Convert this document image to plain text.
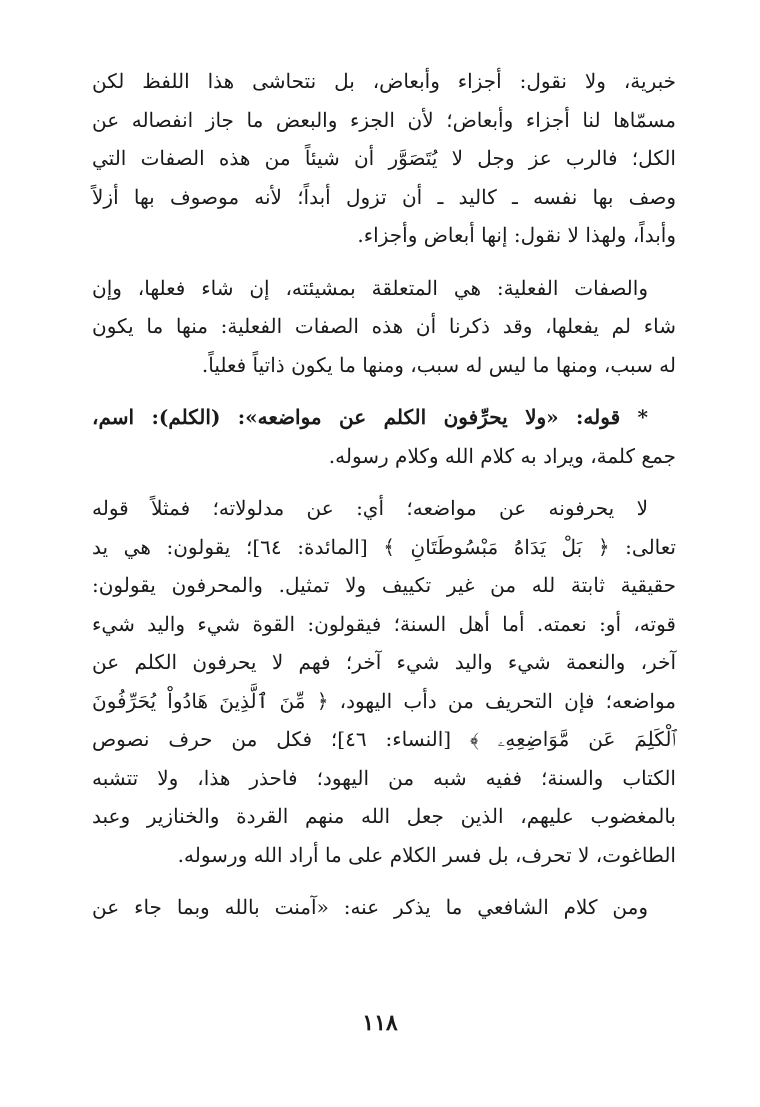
خبرية، ولا نقول: أجزاء وأبعاض، بل نتحاشى هذا اللفظ لكن
مسمّاها لنا أجزاء وأبعاض؛ لأن الجزء والبعض ما جاز انفصاله عن
الكل؛ فالرب عز وجل لا يُتَصَوَّر أن شيئاً من هذه الصفات التي
وصف بها نفسه ـ كاليد ـ أن تزول أبداً؛ لأنه موصوف بها أزلاً
وأبداً، ولهذا لا نقول: إنها أبعاض وأجزاء.
والصفات الفعلية: هي المتعلقة بمشيئته، إن شاء فعلها، وإن
شاء لم يفعلها، وقد ذكرنا أن هذه الصفات الفعلية: منها ما يكون
له سبب، ومنها ما ليس له سبب، ومنها ما يكون ذاتياً فعلياً.
* قوله: «ولا يحرِّفون الكلم عن مواضعه»: (الكلم): اسم،
جمع كلمة، ويراد به كلام الله وكلام رسوله.
لا يحرفونه عن مواضعه؛ أي: عن مدلولاته؛ فمثلاً قوله
تعالى: ﴿ بَلْ يَدَاهُ مَبْسُوطَتَانِ ﴾ [المائدة: ٦٤]؛ يقولون: هي يد
حقيقية ثابتة لله من غير تكييف ولا تمثيل. والمحرفون يقولون:
قوته، أو: نعمته. أما أهل السنة؛ فيقولون: القوة شيء واليد شيء
آخر، والنعمة شيء واليد شيء آخر؛ فهم لا يحرفون الكلم عن
مواضعه؛ فإن التحريف من دأب اليهود، ﴿ مِّنَ ٱلَّذِينَ هَادُواْ يُحَرِّفُونَ
ٱلْكَلِمَ عَن مَّوَاضِعِهِۦ ﴾ [النساء: ٤٦]؛ فكل من حرف نصوص
الكتاب والسنة؛ ففيه شبه من اليهود؛ فاحذر هذا، ولا تتشبه
بالمغضوب عليهم، الذين جعل الله منهم القردة والخنازير وعبد
الطاغوت، لا تحرف، بل فسر الكلام على ما أراد الله ورسوله.
ومن كلام الشافعي ما يذكر عنه: «آمنت بالله وبما جاء عن
١١٨
